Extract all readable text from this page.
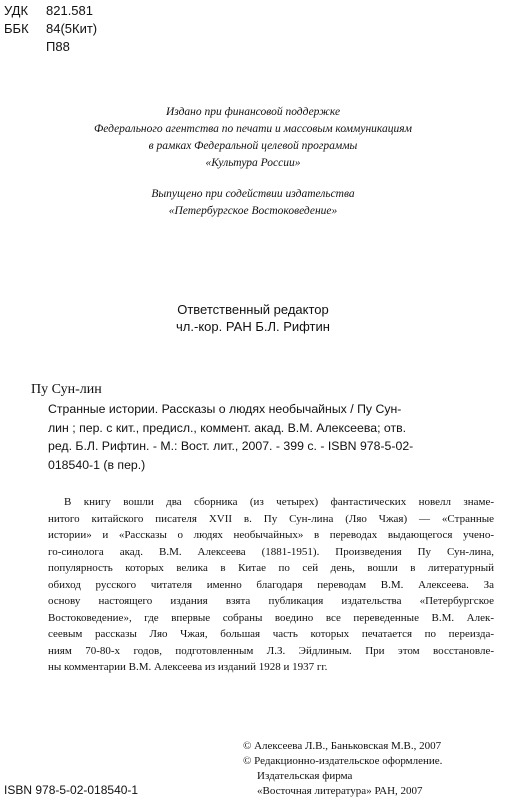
УДК 821.581
ББК 84(5Кит)
П88
Издано при финансовой поддержке
Федерального агентства по печати и массовым коммуникациям
в рамках Федеральной целевой программы
«Культура России»
Выпущено при содействии издательства
«Петербургское Востоковедение»
Ответственный редактор
чл.-кор. РАН Б.Л. Рифтин
Пу Сун-лин
Странные истории. Рассказы о людях необычайных / Пу Сун-
лин ; пер. с кит., предисл., коммент. акад. В.М. Алексеева; отв.
ред. Б.Л. Рифтин. - М.: Вост. лит., 2007. - 399 с. - ISBN 978-5-02-
018540-1 (в пер.)
В книгу вошли два сборника (из четырех) фантастических новелл знаме-
нитого китайского писателя XVII в. Пу Сун-лина (Ляо Чжая) — «Странные
истории» и «Рассказы о людях необычайных» в переводах выдающегося учено-
го-синолога акад. В.М. Алексеева (1881-1951). Произведения Пу Сун-лина,
популярность которых велика в Китае по сей день, вошли в литературный
обиход русского читателя именно благодаря переводам В.М. Алексеева. За
основу настоящего издания взята публикация издательства «Петербургское
Востоковедение», где впервые собраны воедино все переведенные В.М. Алек-
сеевым рассказы Ляо Чжая, большая часть которых печатается по переизда-
ниям 70-80-х годов, подготовленным Л.З. Эйдлиным. При этом восстановле-
ны комментарии В.М. Алексеева из изданий 1928 и 1937 гг.
© Алексеева Л.В., Баньковская М.В., 2007
© Редакционно-издательское оформление.
Издательская фирма
«Восточная литература» РАН, 2007
ISBN 978-5-02-018540-1
